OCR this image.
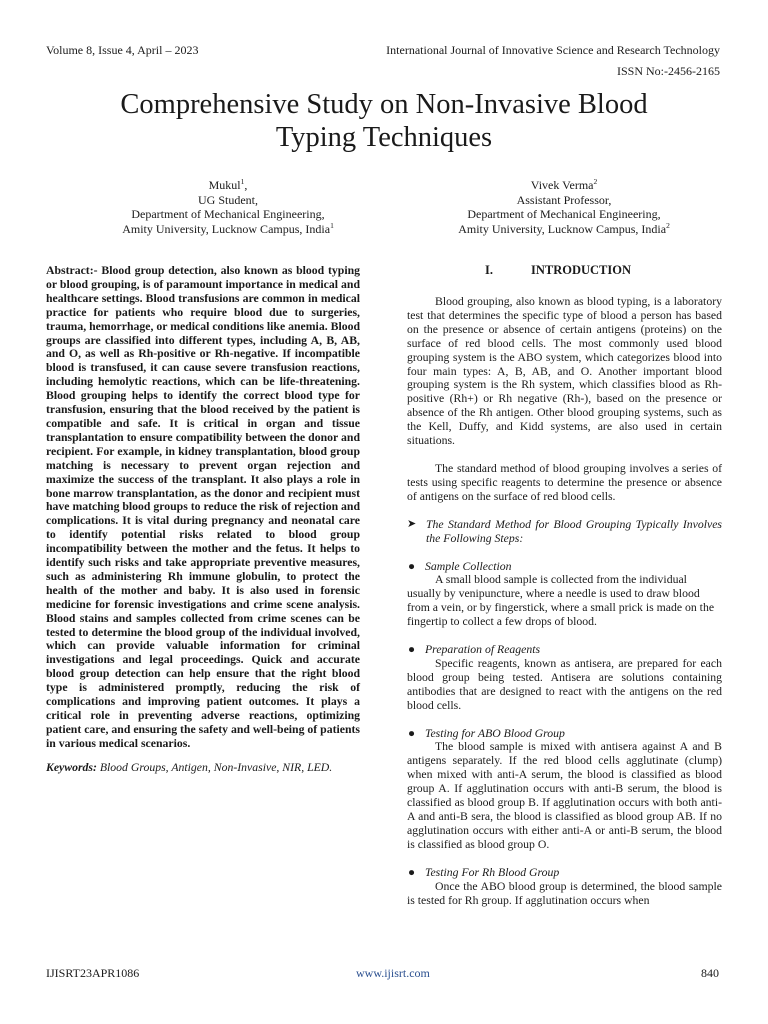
Volume 8, Issue 4, April – 2023	International Journal of Innovative Science and Research Technology
ISSN No:-2456-2165
Comprehensive Study on Non-Invasive Blood
Typing Techniques
Mukul$^1$,
UG Student,
Department of Mechanical Engineering,
Amity University, Lucknow Campus, India$^1$
Vivek Verma$^2$
Assistant Professor,
Department of Mechanical Engineering,
Amity University, Lucknow Campus, India$^2$
Abstract:- Blood group detection, also known as blood typing or blood grouping, is of paramount importance in medical and healthcare settings. Blood transfusions are common in medical practice for patients who require blood due to surgeries, trauma, hemorrhage, or medical conditions like anemia. Blood groups are classified into different types, including A, B, AB, and O, as well as Rh-positive or Rh-negative. If incompatible blood is transfused, it can cause severe transfusion reactions, including hemolytic reactions, which can be life-threatening. Blood grouping helps to identify the correct blood type for transfusion, ensuring that the blood received by the patient is compatible and safe. It is critical in organ and tissue transplantation to ensure compatibility between the donor and recipient. For example, in kidney transplantation, blood group matching is necessary to prevent organ rejection and maximize the success of the transplant. It also plays a role in bone marrow transplantation, as the donor and recipient must have matching blood groups to reduce the risk of rejection and complications. It is vital during pregnancy and neonatal care to identify potential risks related to blood group incompatibility between the mother and the fetus. It helps to identify such risks and take appropriate preventive measures, such as administering Rh immune globulin, to protect the health of the mother and baby. It is also used in forensic medicine for forensic investigations and crime scene analysis. Blood stains and samples collected from crime scenes can be tested to determine the blood group of the individual involved, which can provide valuable information for criminal investigations and legal proceedings. Quick and accurate blood group detection can help ensure that the right blood type is administered promptly, reducing the risk of complications and improving patient outcomes. It plays a critical role in preventing adverse reactions, optimizing patient care, and ensuring the safety and well-being of patients in various medical scenarios.
Keywords: Blood Groups, Antigen, Non-Invasive, NIR, LED.
I.	INTRODUCTION
Blood grouping, also known as blood typing, is a laboratory test that determines the specific type of blood a person has based on the presence or absence of certain antigens (proteins) on the surface of red blood cells. The most commonly used blood grouping system is the ABO system, which categorizes blood into four main types: A, B, AB, and O. Another important blood grouping system is the Rh system, which classifies blood as Rh-positive (Rh+) or Rh negative (Rh-), based on the presence or absence of the Rh antigen. Other blood grouping systems, such as the Kell, Duffy, and Kidd systems, are also used in certain situations.
The standard method of blood grouping involves a series of tests using specific reagents to determine the presence or absence of antigens on the surface of red blood cells.
➤ The Standard Method for Blood Grouping Typically Involves the Following Steps:
● Sample Collection
A small blood sample is collected from the individual usually by venipuncture, where a needle is used to draw blood from a vein, or by fingerstick, where a small prick is made on the fingertip to collect a few drops of blood.
● Preparation of Reagents
Specific reagents, known as antisera, are prepared for each blood group being tested. Antisera are solutions containing antibodies that are designed to react with the antigens on the red blood cells.
● Testing for ABO Blood Group
The blood sample is mixed with antisera against A and B antigens separately. If the red blood cells agglutinate (clump) when mixed with anti-A serum, the blood is classified as blood group A. If agglutination occurs with anti-B serum, the blood is classified as blood group B. If agglutination occurs with both anti-A and anti-B sera, the blood is classified as blood group AB. If no agglutination occurs with either anti-A or anti-B serum, the blood is classified as blood group O.
● Testing For Rh Blood Group
Once the ABO blood group is determined, the blood sample is tested for Rh group. If agglutination occurs when
IJISRT23APR1086	www.ijisrt.com	840
